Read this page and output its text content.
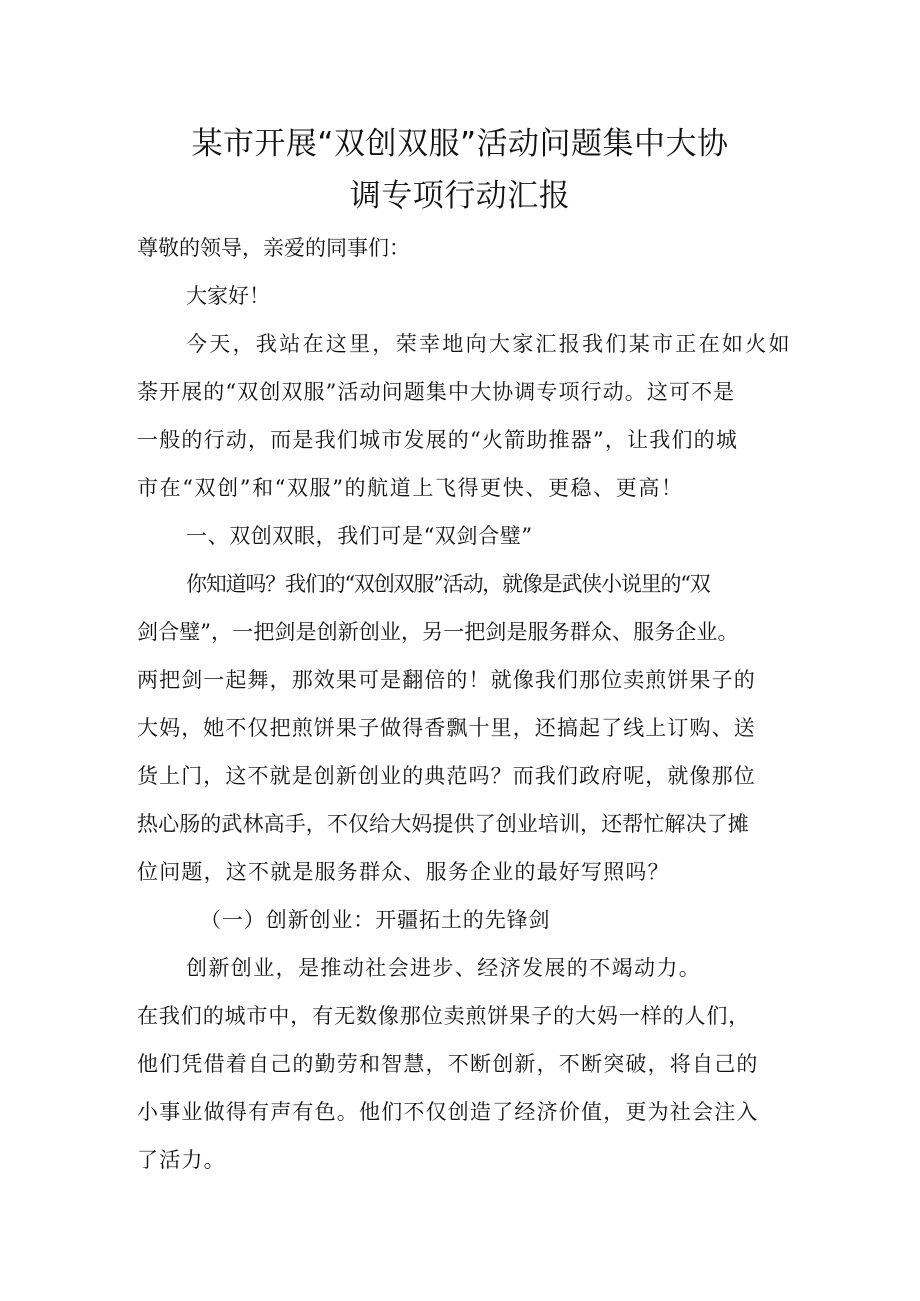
某市开展“双创双服”活动问题集中大协
调专项行动汇报
尊敬的领导，亲爱的同事们：
大家好！
今天，我站在这里，荣幸地向大家汇报我们某市正在如火如
荼开展的“双创双服”活动问题集中大协调专项行动。这可不是
一般的行动，而是我们城市发展的“火箭助推器”，让我们的城
市在“双创”和“双服”的航道上飞得更快、更稳、更高！
一、双创双眼，我们可是“双剑合璧”
你知道吗？我们的“双创双服”活动，就像是武侠小说里的“双
剑合璧”，一把剑是创新创业，另一把剑是服务群众、服务企业。
两把剑一起舞，那效果可是翻倍的！就像我们那位卖煎饼果子的
大妈，她不仅把煎饼果子做得香飘十里，还搞起了线上订购、送
货上门，这不就是创新创业的典范吗？而我们政府呢，就像那位
热心肠的武林高手，不仅给大妈提供了创业培训，还帮忙解决了摊
位问题，这不就是服务群众、服务企业的最好写照吗？
（一）创新创业：开疆拓土的先锋剑
创新创业，是推动社会进步、经济发展的不竭动力。
在我们的城市中，有无数像那位卖煎饼果子的大妈一样的人们，
他们凭借着自己的勤劳和智慧，不断创新，不断突破，将自己的
小事业做得有声有色。他们不仅创造了经济价值，更为社会注入
了活力。
